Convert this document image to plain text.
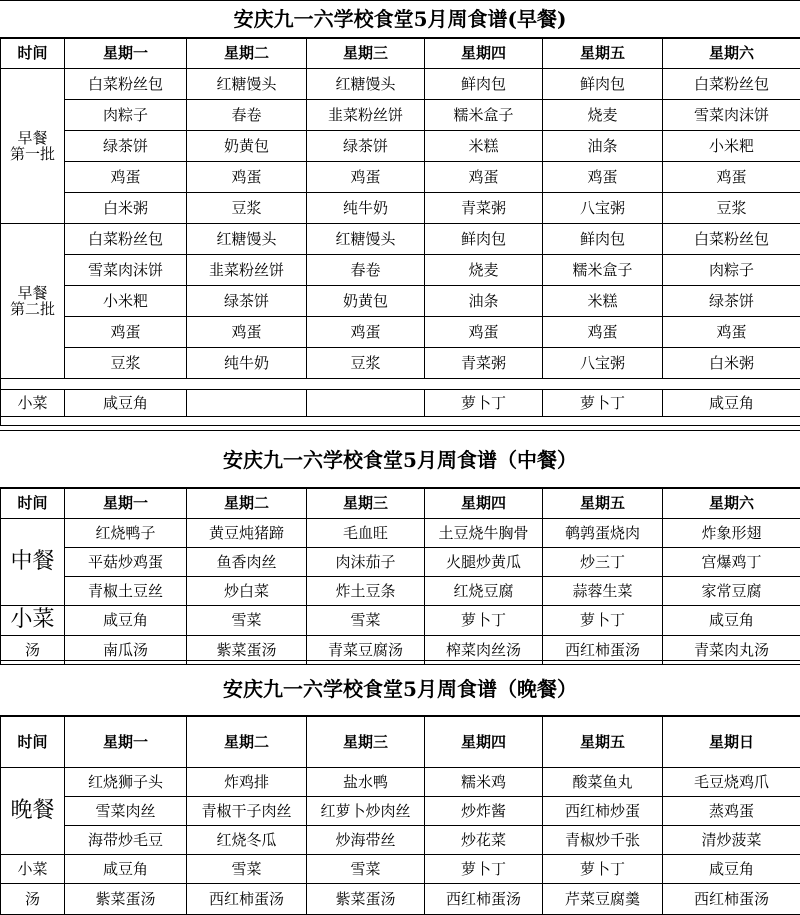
安庆九一六学校食堂5月周食谱(早餐)
时间	星期一	星期二	星期三	星期四	星期五	星期六
早餐
第一批	白菜粉丝包	红糖馒头	红糖馒头	鲜肉包	鲜肉包	白菜粉丝包
	肉粽子	春卷	韭菜粉丝饼	糯米盒子	烧麦	雪菜肉沫饼
	绿茶饼	奶黄包	绿茶饼	米糕	油条	小米粑
	鸡蛋	鸡蛋	鸡蛋	鸡蛋	鸡蛋	鸡蛋
	白米粥	豆浆	纯牛奶	青菜粥	八宝粥	豆浆
早餐
第二批	白菜粉丝包	红糖馒头	红糖馒头	鲜肉包	鲜肉包	白菜粉丝包
	雪菜肉沫饼	韭菜粉丝饼	春卷	烧麦	糯米盒子	肉粽子
	小米粑	绿茶饼	奶黄包	油条	米糕	绿茶饼
	鸡蛋	鸡蛋	鸡蛋	鸡蛋	鸡蛋	鸡蛋
	豆浆	纯牛奶	豆浆	青菜粥	八宝粥	白米粥

小菜	咸豆角			萝卜丁	萝卜丁	咸豆角

安庆九一六学校食堂5月周食谱（中餐）
时间	星期一	星期二	星期三	星期四	星期五	星期六
中餐	红烧鸭子	黄豆炖猪蹄	毛血旺	土豆烧牛胸骨	鹌鹑蛋烧肉	炸象形翅
	平菇炒鸡蛋	鱼香肉丝	肉沫茄子	火腿炒黄瓜	炒三丁	宫爆鸡丁
	青椒土豆丝	炒白菜	炸土豆条	红烧豆腐	蒜蓉生菜	家常豆腐
小菜	咸豆角	雪菜	雪菜	萝卜丁	萝卜丁	咸豆角
汤	南瓜汤	紫菜蛋汤	青菜豆腐汤	榨菜肉丝汤	西红柿蛋汤	青菜肉丸汤
安庆九一六学校食堂5月周食谱（晚餐）
时间	星期一	星期二	星期三	星期四	星期五	星期日
晚餐	红烧狮子头	炸鸡排	盐水鸭	糯米鸡	酸菜鱼丸	毛豆烧鸡爪
	雪菜肉丝	青椒干子肉丝	红萝卜炒肉丝	炒炸酱	西红柿炒蛋	蒸鸡蛋
	海带炒毛豆	红烧冬瓜	炒海带丝	炒花菜	青椒炒千张	清炒菠菜
小菜	咸豆角	雪菜	雪菜	萝卜丁	萝卜丁	咸豆角
汤	紫菜蛋汤	西红柿蛋汤	紫菜蛋汤	西红柿蛋汤	芹菜豆腐羹	西红柿蛋汤
